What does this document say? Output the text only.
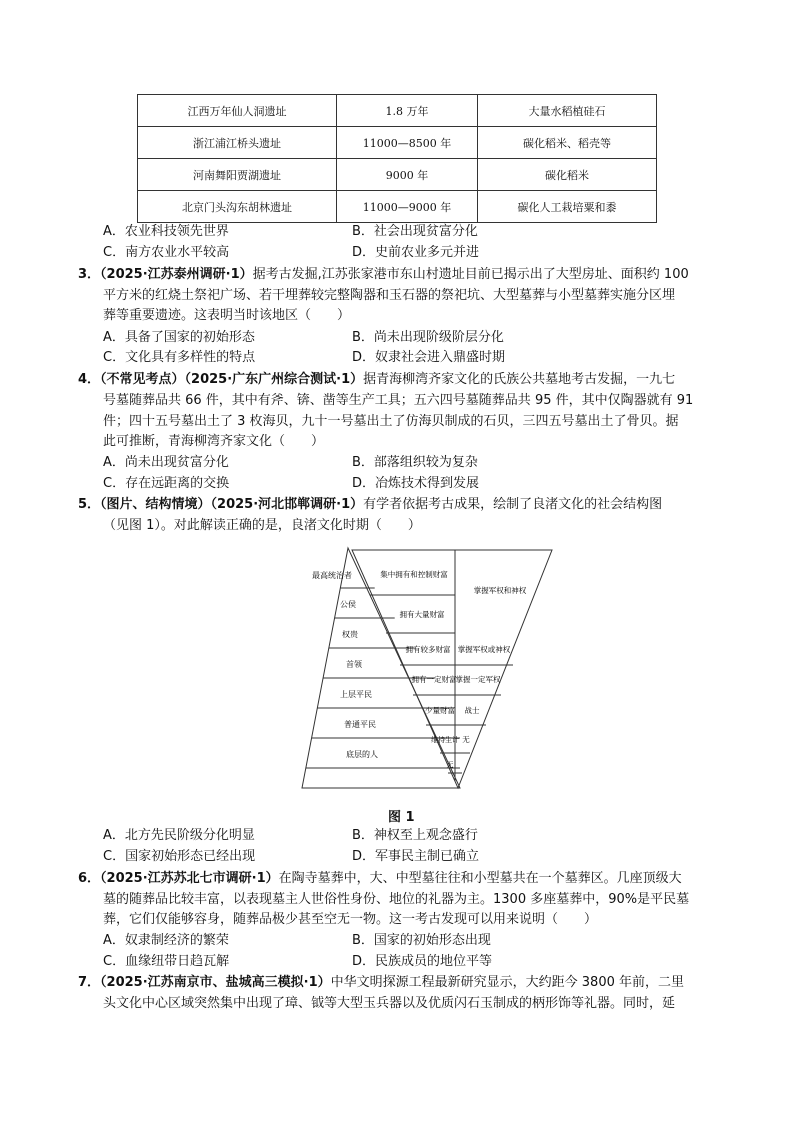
江西万年仙人洞遗址	1.8 万年	大量水稻植硅石
浙江浦江桥头遗址	11000—8500 年	碳化稻米、稻壳等
河南舞阳贾湖遗址	9000 年	碳化稻米
北京门头沟东胡林遗址	11000—9000 年	碳化人工栽培粟和黍
A．农业科技领先世界	B．社会出现贫富分化
C．南方农业水平较高	D．史前农业多元并进
3．（2025·江苏泰州调研·1）据考古发掘,江苏张家港市东山村遗址目前已揭示出了大型房址、面积约 100
平方米的红烧土祭祀广场、若干埋葬较完整陶器和玉石器的祭祀坑、大型墓葬与小型墓葬实施分区埋
葬等重要遗迹。这表明当时该地区（　　）
A．具备了国家的初始形态	B．尚未出现阶级阶层分化
C．文化具有多样性的特点	D．奴隶社会进入鼎盛时期
4．（不常见考点）（2025·广东广州综合测试·1）据青海柳湾齐家文化的氏族公共墓地考古发掘，一九七
号墓随葬品共 66 件，其中有斧、锛、凿等生产工具；五六四号墓随葬品共 95 件，其中仅陶器就有 91
件；四十五号墓出土了 3 枚海贝，九十一号墓出土了仿海贝制成的石贝，三四五号墓出土了骨贝。据
此可推断，青海柳湾齐家文化（　　）
A．尚未出现贫富分化	B．部落组织较为复杂
C．存在远距离的交换	D．冶炼技术得到发展
5．（图片、结构情境）（2025·河北邯郸调研·1）有学者依据考古成果，绘制了良渚文化的社会结构图
（见图 1）。对此解读正确的是，良渚文化时期（　　）
最高统治者
公侯
权贵
首领
上层平民
普通平民
底层的人
集中拥有和控制财富
拥有大量财富
拥有较多财富
拥有一定财富
少量财富
维持生计
无
掌握军权和神权
掌握军权或神权
掌握一定军权
战士
无
图 1
A．北方先民阶级分化明显	B．神权至上观念盛行
C．国家初始形态已经出现	D．军事民主制已确立
6．（2025·江苏苏北七市调研·1）在陶寺墓葬中，大、中型墓往往和小型墓共在一个墓葬区。几座顶级大
墓的随葬品比较丰富，以表现墓主人世俗性身份、地位的礼器为主。1300 多座墓葬中，90%是平民墓
葬，它们仅能够容身，随葬品极少甚至空无一物。这一考古发现可以用来说明（　　）
A．奴隶制经济的繁荣	B．国家的初始形态出现
C．血缘纽带日趋瓦解	D．民族成员的地位平等
7．（2025·江苏南京市、盐城高三模拟·1）中华文明探源工程最新研究显示，大约距今 3800 年前，二里
头文化中心区域突然集中出现了璋、钺等大型玉兵器以及优质闪石玉制成的柄形饰等礼器。同时，延
